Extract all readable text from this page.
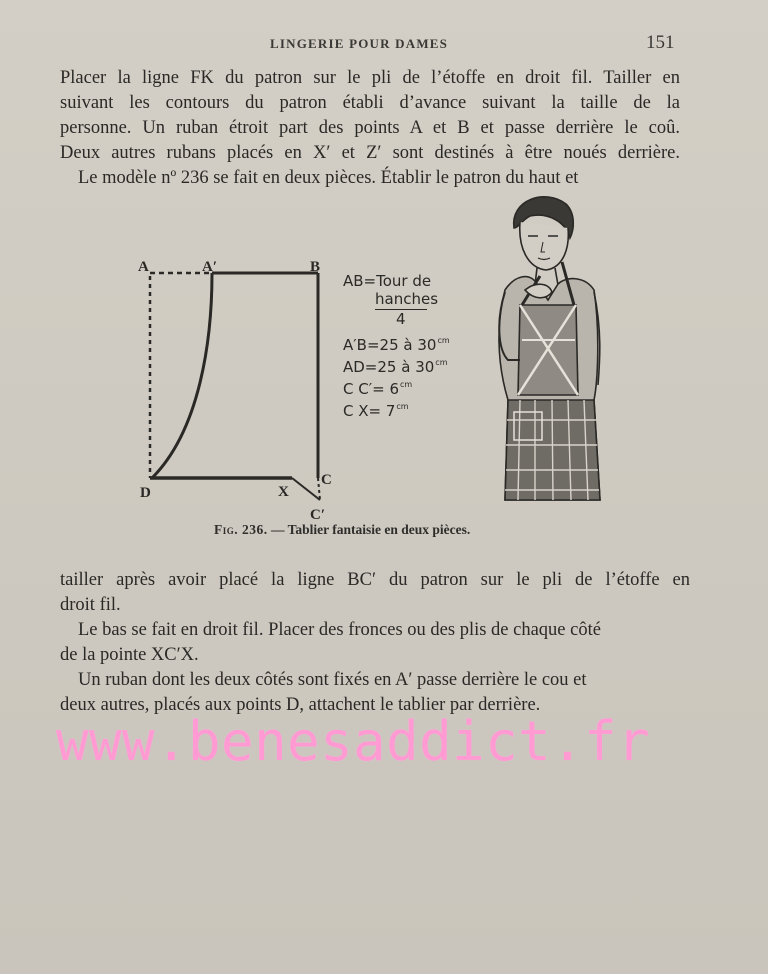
LINGERIE POUR DAMES	151
Placer la ligne FK du patron sur le pli de l’étoffe en droit fil. Tailler en
suivant les contours du patron établi d’avance suivant la taille de la
personne. Un ruban étroit part des points A et B et passe derrière le coû.
Deux autres rubans placés en X′ et Z′ sont destinés à être noués derrière.
Le modèle nº 236 se fait en deux pièces. Établir le patron du haut et
A	A′	B
D
C
X
C′
AB=Tour de
hanches
4
A′B=25 à $30^{cm}$
AD=25 à $30^{cm}$
C $C'= 6^{cm}$
C $X= 7^{cm}$
Fig. 236. — Tablier fantaisie en deux pièces.
tailler après avoir placé la ligne BC′ du patron sur le pli de l’étoffe en
droit fil.
Le bas se fait en droit fil. Placer des fronces ou des plis de chaque côté
de la pointe XC′X.
Un ruban dont les deux côtés sont fixés en A′ passe derrière le cou et
deux autres, placés aux points D, attachent le tablier par derrière.
www.benesaddict.fr
